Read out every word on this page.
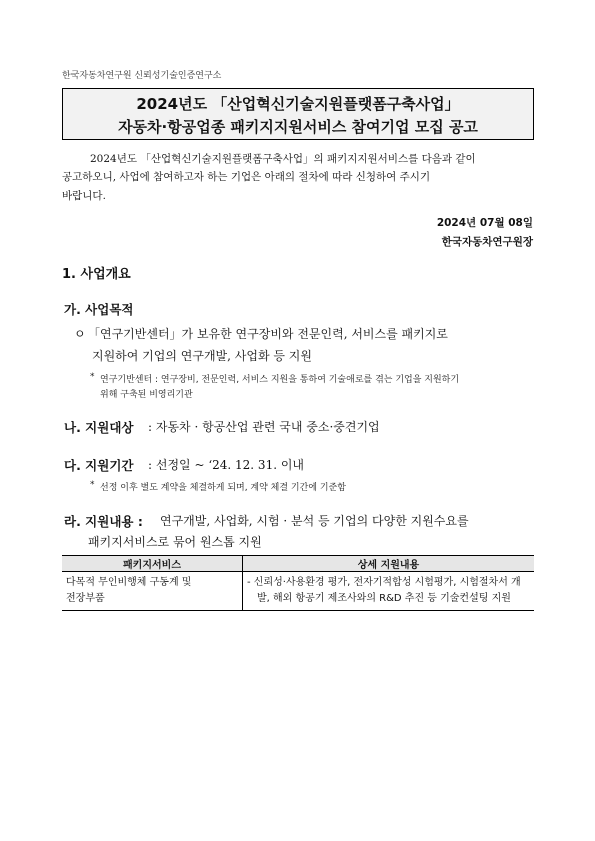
한국자동차연구원 신뢰성기술인증연구소
2024년도 「산업혁신기술지원플랫폼구축사업」
자동차·항공업종 패키지지원서비스 참여기업 모집 공고
2024년도 「산업혁신기술지원플랫폼구축사업」의 패키지지원서비스를 다음과 같이
공고하오니, 사업에 참여하고자 하는 기업은 아래의 절차에 따라 신청하여 주시기
바랍니다.
2024년 07월 08일
한국자동차연구원장
1. 사업개요
가. 사업목적
ㅇ 「연구기반센터」가 보유한 연구장비와 전문인력, 서비스를 패키지로
지원하여 기업의 연구개발, 사업화 등 지원
* 연구기반센터 : 연구장비, 전문인력, 서비스 지원을 통하여 기술애로를 겪는 기업을 지원하기
위해 구축된 비영리기관
나. 지원대상 : 자동차 · 항공산업 관련 국내 중소·중견기업
다. 지원기간 : 선정일 ~ ‘24. 12. 31. 이내
* 선정 이후 별도 계약을 체결하게 되며, 계약 체결 기간에 기준함
라. 지원내용 : 연구개발, 사업화, 시험 · 분석 등 기업의 다양한 지원수요를
패키지서비스로 묶어 원스톱 지원
패키지서비스	상세 지원내용

다목적 무인비행체 구동계 및
전장부품	- 신뢰성·사용환경 평가, 전자기적합성 시험평가, 시험절차서 개발, 해외 항공기 제조사와의 R&D 추진 등 기술컨설팅 지원
